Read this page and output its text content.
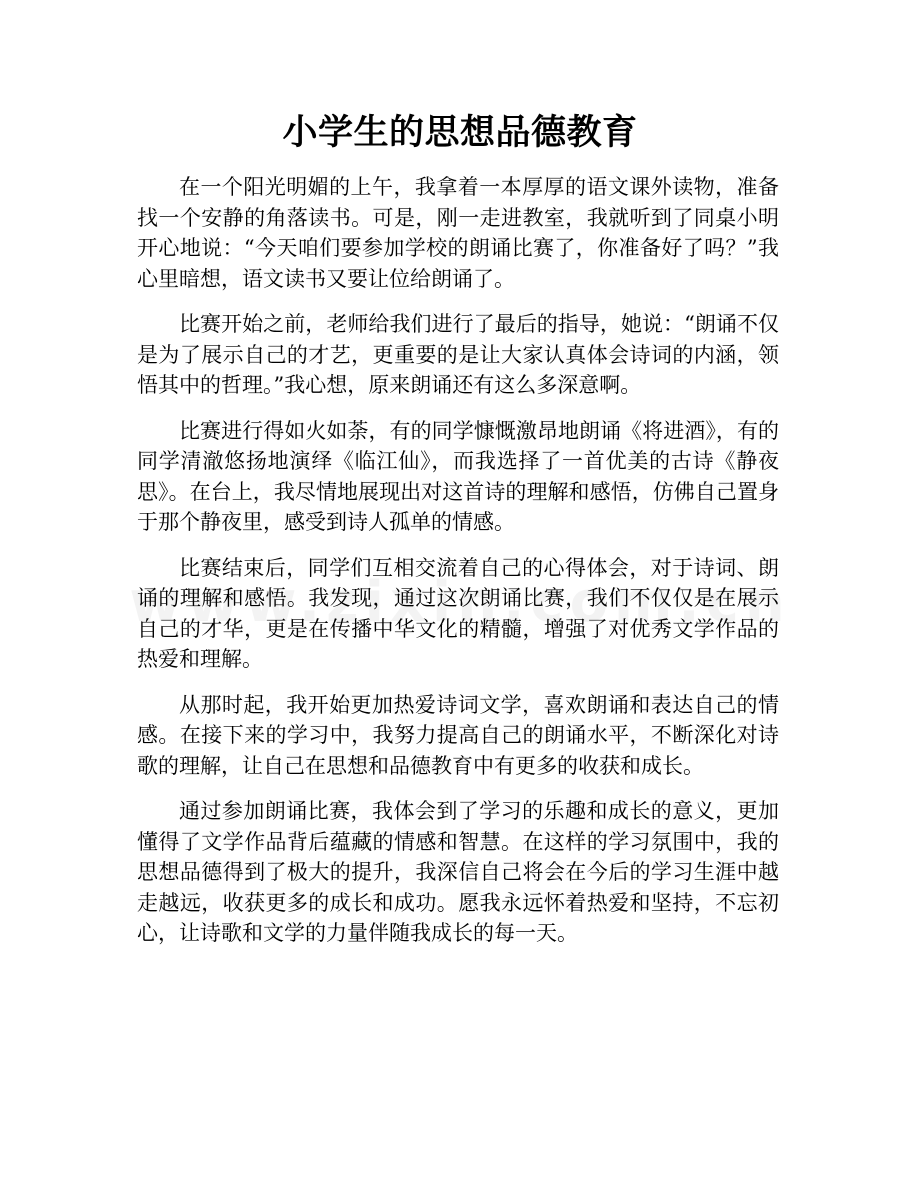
小学生的思想品德教育

在一个阳光明媚的上午，我拿着一本厚厚的语文课外读物，准备找一个安静的角落读书。可是，刚一走进教室，我就听到了同桌小明开心地说：“今天咱们要参加学校的朗诵比赛了，你准备好了吗？”我心里暗想，语文读书又要让位给朗诵了。

比赛开始之前，老师给我们进行了最后的指导，她说：“朗诵不仅是为了展示自己的才艺，更重要的是让大家认真体会诗词的内涵，领悟其中的哲理。”我心想，原来朗诵还有这么多深意啊。

比赛进行得如火如荼，有的同学慷慨激昂地朗诵《将进酒》，有的同学清澈悠扬地演绎《临江仙》，而我选择了一首优美的古诗《静夜思》。在台上，我尽情地展现出对这首诗的理解和感悟，仿佛自己置身于那个静夜里，感受到诗人孤单的情感。

比赛结束后，同学们互相交流着自己的心得体会，对于诗词、朗诵的理解和感悟。我发现，通过这次朗诵比赛，我们不仅仅是在展示自己的才华，更是在传播中华文化的精髓，增强了对优秀文学作品的热爱和理解。

从那时起，我开始更加热爱诗词文学，喜欢朗诵和表达自己的情感。在接下来的学习中，我努力提高自己的朗诵水平，不断深化对诗歌的理解，让自己在思想和品德教育中有更多的收获和成长。

通过参加朗诵比赛，我体会到了学习的乐趣和成长的意义，更加懂得了文学作品背后蕴藏的情感和智慧。在这样的学习氛围中，我的思想品德得到了极大的提升，我深信自己将会在今后的学习生涯中越走越远，收获更多的成长和成功。愿我永远怀着热爱和坚持，不忘初心，让诗歌和文学的力量伴随我成长的每一天。
